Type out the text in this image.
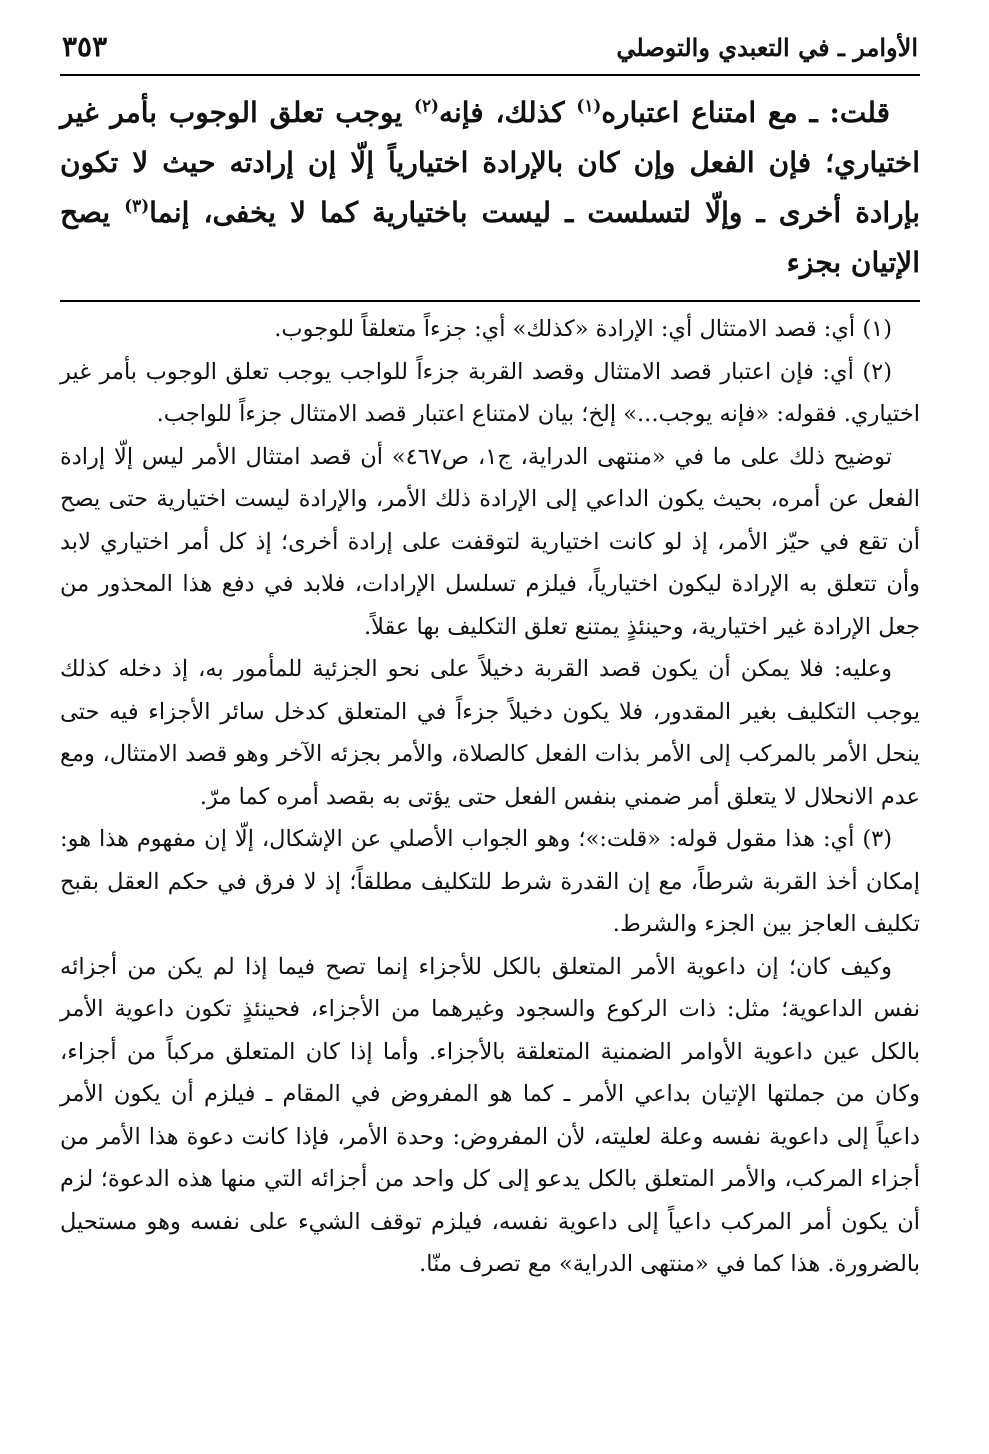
الأوامر ـ في التعبدي والتوصلي
٣٥٣

قلت: ـ مع امتناع اعتباره$^{(١)}$ كذلك، فإنه$^{(٢)}$ يوجب تعلق الوجوب بأمر غير اختياري؛ فإن الفعل وإن كان بالإرادة اختيارياً إلّا إن إرادته حيث لا تكون بإرادة أخرى ـ وإلّا لتسلست ـ ليست باختيارية كما لا يخفى، إنما$^{(٣)}$ يصح الإتيان بجزء

(١) أي: قصد الامتثال أي: الإرادة «كذلك» أي: جزءاً متعلقاً للوجوب.

(٢) أي: فإن اعتبار قصد الامتثال وقصد القربة جزءاً للواجب يوجب تعلق الوجوب بأمر غير اختياري. فقوله: «فإنه يوجب...» إلخ؛ بيان لامتناع اعتبار قصد الامتثال جزءاً للواجب.

توضيح ذلك على ما في «منتهى الدراية، ج١، ص٤٦٧» أن قصد امتثال الأمر ليس إلّا إرادة الفعل عن أمره، بحيث يكون الداعي إلى الإرادة ذلك الأمر، والإرادة ليست اختيارية حتى يصح أن تقع في حيّز الأمر، إذ لو كانت اختيارية لتوقفت على إرادة أخرى؛ إذ كل أمر اختياري لابد وأن تتعلق به الإرادة ليكون اختيارياً، فيلزم تسلسل الإرادات، فلابد في دفع هذا المحذور من جعل الإرادة غير اختيارية، وحينئذٍ يمتنع تعلق التكليف بها عقلاً.

وعليه: فلا يمكن أن يكون قصد القربة دخيلاً على نحو الجزئية للمأمور به، إذ دخله كذلك يوجب التكليف بغير المقدور، فلا يكون دخيلاً جزءاً في المتعلق كدخل سائر الأجزاء فيه حتى ينحل الأمر بالمركب إلى الأمر بذات الفعل كالصلاة، والأمر بجزئه الآخر وهو قصد الامتثال، ومع عدم الانحلال لا يتعلق أمر ضمني بنفس الفعل حتى يؤتى به بقصد أمره كما مرّ.

(٣) أي: هذا مقول قوله: «قلت:»؛ وهو الجواب الأصلي عن الإشكال، إلّا إن مفهوم هذا هو: إمكان أخذ القربة شرطاً، مع إن القدرة شرط للتكليف مطلقاً؛ إذ لا فرق في حكم العقل بقبح تكليف العاجز بين الجزء والشرط.

وكيف كان؛ إن داعوية الأمر المتعلق بالكل للأجزاء إنما تصح فيما إذا لم يكن من أجزائه نفس الداعوية؛ مثل: ذات الركوع والسجود وغيرهما من الأجزاء، فحينئذٍ تكون داعوية الأمر بالكل عين داعوية الأوامر الضمنية المتعلقة بالأجزاء. وأما إذا كان المتعلق مركباً من أجزاء، وكان من جملتها الإتيان بداعي الأمر ـ كما هو المفروض في المقام ـ فيلزم أن يكون الأمر داعياً إلى داعوية نفسه وعلة لعليته، لأن المفروض: وحدة الأمر، فإذا كانت دعوة هذا الأمر من أجزاء المركب، والأمر المتعلق بالكل يدعو إلى كل واحد من أجزائه التي منها هذه الدعوة؛ لزم أن يكون أمر المركب داعياً إلى داعوية نفسه، فيلزم توقف الشيء على نفسه وهو مستحيل بالضرورة. هذا كما في «منتهى الدراية» مع تصرف منّا.
